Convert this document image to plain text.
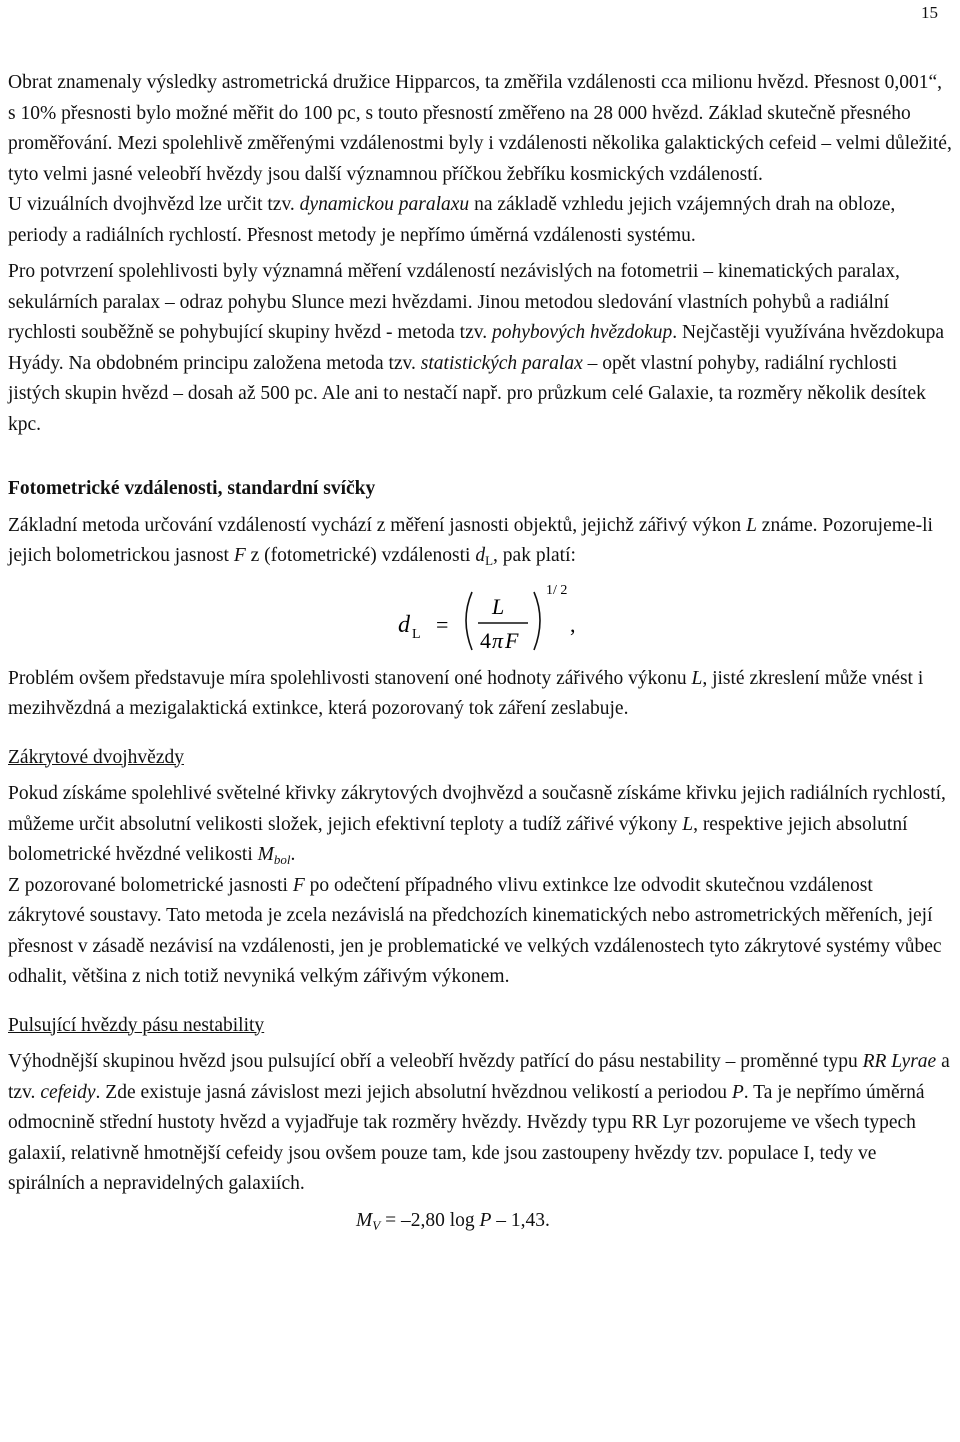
15

Obrat znamenaly výsledky astrometrická družice Hipparcos, ta změřila vzdálenosti cca milionu hvězd. Přesnost 0,001“, s 10% přesnosti bylo možné měřit do 100 pc, s touto přesností změřeno na 28 000 hvězd. Základ skutečně přesného proměřování. Mezi spolehlivě změřenými vzdálenostmi byly i vzdálenosti několika galaktických cefeid – velmi důležité, tyto velmi jasné veleobří hvězdy jsou další významnou příčkou žebříku kosmických vzdáleností.

U vizuálních dvojhvězd lze určit tzv. dynamickou paralaxu na základě vzhledu jejich vzájemných drah na obloze, periody a radiálních rychlostí. Přesnost metody je nepřímo úměrná vzdálenosti systému.

Pro potvrzení spolehlivosti byly významná měření vzdáleností nezávislých na fotometrii – kinematických paralax, sekulárních paralax – odraz pohybu Slunce mezi hvězdami. Jinou metodou sledování vlastních pohybů a radiální rychlosti souběžně se pohybující skupiny hvězd - metoda tzv. pohybových hvězdokup. Nejčastěji využívána hvězdokupa Hyády. Na obdobném principu založena metoda tzv. statistických paralax – opět vlastní pohyby, radiální rychlosti jistých skupin hvězd – dosah až 500 pc. Ale ani to nestačí např. pro průzkum celé Galaxie, ta rozměry několik desítek kpc.

Fotometrické vzdálenosti, standardní svíčky

Základní metoda určování vzdáleností vychází z měření jasnosti objektů, jejichž zářivý výkon L známe. Pozorujeme-li jejich bolometrickou jasnost F z (fotometrické) vzdálenosti $d_L$, pak platí:

d L =
L
4 π F
1/ 2
,

Problém ovšem představuje míra spolehlivosti stanovení oné hodnoty zářivého výkonu L, jisté zkreslení může vnést i mezihvězdná a mezigalaktická extinkce, která pozorovaný tok záření zeslabuje.

Zákrytové dvojhvězdy

Pokud získáme spolehlivé světelné křivky zákrytových dvojhvězd a současně získáme křivku jejich radiálních rychlostí, můžeme určit absolutní velikosti složek, jejich efektivní teploty a tudíž zářivé výkony L, respektive jejich absolutní bolometrické hvězdné velikosti $M_{bol}$.

Z pozorované bolometrické jasnosti F po odečtení případného vlivu extinkce lze odvodit skutečnou vzdálenost zákrytové soustavy. Tato metoda je zcela nezávislá na předchozích kinematických nebo astrometrických měřeních, její přesnost v zásadě nezávisí na vzdálenosti, jen je problematické ve velkých vzdálenostech tyto zákrytové systémy vůbec odhalit, většina z nich totiž nevyniká velkým zářivým výkonem.

Pulsující hvězdy pásu nestability

Výhodnější skupinou hvězd jsou pulsující obří a veleobří hvězdy patřící do pásu nestability – proměnné typu RR Lyrae a tzv. cefeidy. Zde existuje jasná závislost mezi jejich absolutní hvězdnou velikostí a periodou P. Ta je nepřímo úměrná odmocnině střední hustoty hvězd a vyjadřuje tak rozměry hvězdy. Hvězdy typu RR Lyr pozorujeme ve všech typech galaxií, relativně hmotnější cefeidy jsou ovšem pouze tam, kde jsou zastoupeny hvězdy tzv. populace I, tedy ve spirálních a nepravidelných galaxiích.

$M_V = -2,80$ log P – 1,43.
